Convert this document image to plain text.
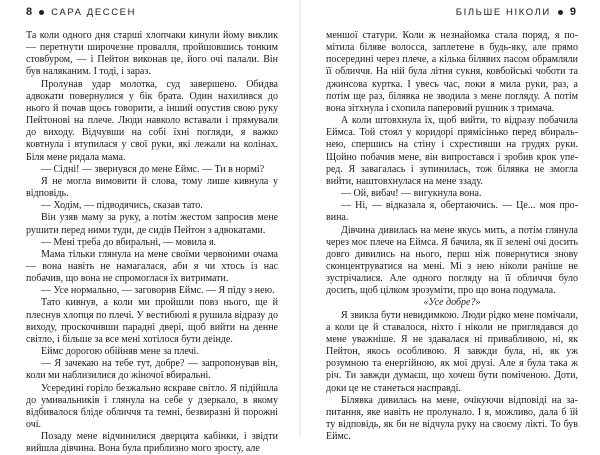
8 САРА ДЕССЕН

Та коли одного дня старші хлопчаки кинули йому виклик — перетнути широчезне провалля, пройшовшись тонким стовбуром, — і Пейтон виконав це, його очі палали. Він був наляканим. І тоді, і зараз.

Пролунав удар молотка, суд завершено. Обидва адвокати повернулися у бік брата. Один нахилився до нього й почав щось говорити, а інший опустив свою руку Пейтонові на плече. Люди навколо вставали і прямували до виходу. Відчувши на собі їхні погляди, я важко ковтнула і втупилася у свої руки, які лежали на колінах. Біля мене ридала мама.

— Сідні! — звернувся до мене Еймс. — Ти в нормі?

Я не могла вимовити й слова, тому лише кивнула у відповідь.

— Ходім, — підводячись, сказав тато.

Він узяв маму за руку, а потім жестом запросив мене рушити перед ними туди, де сидів Пейтон з адвокатами.

— Мені треба до вбиральні, — мовила я.

Мама тільки глянула на мене своїми червоними очама — вона навіть не намагалася, аби я чи хтось із нас побачив, що вона не спромоглася їх витримати.

— Усе нормально, — заговорив Еймс. — Я піду з нею.

Тато кивнув, а коли ми пройшли повз нього, ще й плеснув хлопця по плечі. У вестибюлі я рушила відразу до виходу, проскочивши парадні двері, щоб вийти на денне світло, і більше за все мені хотілося бути деінде.

Еймс дорогою обійняв мене за плечі.

— Я зачекаю на тебе тут, добре? — запропонував він, коли ми наблизилися до жіночої вбиральні.

Усередині горіло безжально яскраве світло. Я підійшла до умивальників і глянула на себе у дзеркало, в якому відбивалося бліде обличчя та темні, безвиразні й порожні очі.

Позаду мене відчинилися дверцята кабінки, і звідти вийшла дівчина. Вона була приблизно мого зросту, але

БІЛЬШЕ НІКОЛИ 9

меншої статури. Коли ж незнайомка стала поряд, я помітила біляве волосся, заплетене в будь-яку, але прямо посередині через плече, а кілька білявих пасом обрамляли її обличчя. На ній була літня сукня, ковбойські чоботи та джинсова куртка. І увесь час, поки я мила руки, раз, а потім ще раз, білявка не зводила з мене погляду. А потім вона зітхнула і схопила паперовий рушник з тримача.

А коли штовхнула їх, щоб вийти, то відразу побачила Еймса. Той стоял у коридорі прямісінько перед вбиральнею, спершись на стіну і схрестивши на грудях руки. Щойно побачив мене, він випростався і зробив крок уперед. Я завагалась і зупинилась, тож білявка не змогла вийти, наштовхнулася на мене ззаду.

— Ой, вибач! — вигукнула вона.

— Ні, — відказала я, обертаючись. — Це... моя провина.

Дівчина дивилась на мене якусь мить, а потім глянула через моє плече на Еймса. Я бачила, як її зелені очі досить довго дивились на нього, перш ніж повернутися знову сконцентруватися на мені. Мі з нею ніколи раніше не зустрічалися. Але одного погляду на її обличчя було досить, щоб цілком зрозуміти, про що вона подумала.

«Усе добре?»

Я звикла бути невидимкою. Люди рідко мене помічали, а коли це й ставалося, ніхто і ніколи не приглядався до мене уважніше. Я не здавалася ні привабливою, ні, як Пейтон, якось особливою. Я завжди була, ні, як уж розумною та енергійною, як мої друзі. Але я була така ж річ. Ти завжди думаєш, що хочеш бути поміченою. Доти, доки це не станеться насправді.

Білявка дивилась на мене, очікуючи відповіді на запитання, яке навіть не пролунало. І я, можливо, дала б їй ту відповідь, як би не відчула руку на своєму лікті. То був Еймс.
